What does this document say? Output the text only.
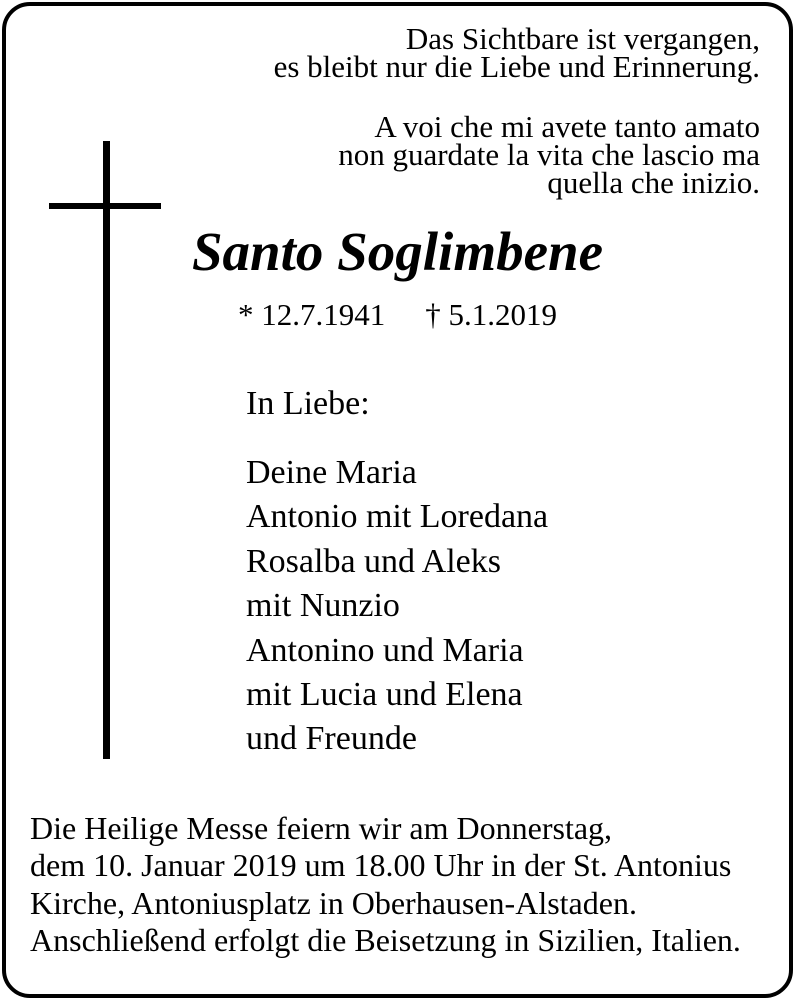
Das Sichtbare ist vergangen,
es bleibt nur die Liebe und Erinnerung.
A voi che mi avete tanto amato
non guardate la vita che lascio ma
quella che inizio.
Santo Soglimbene
* 12.7.1941 † 5.1.2019
In Liebe:
Deine Maria
Antonio mit Loredana
Rosalba und Aleks
mit Nunzio
Antonino und Maria
mit Lucia und Elena
und Freunde
Die Heilige Messe feiern wir am Donnerstag,
dem 10. Januar 2019 um 18.00 Uhr in der St. Antonius
Kirche, Antoniusplatz in Oberhausen-Alstaden.
Anschließend erfolgt die Beisetzung in Sizilien, Italien.
